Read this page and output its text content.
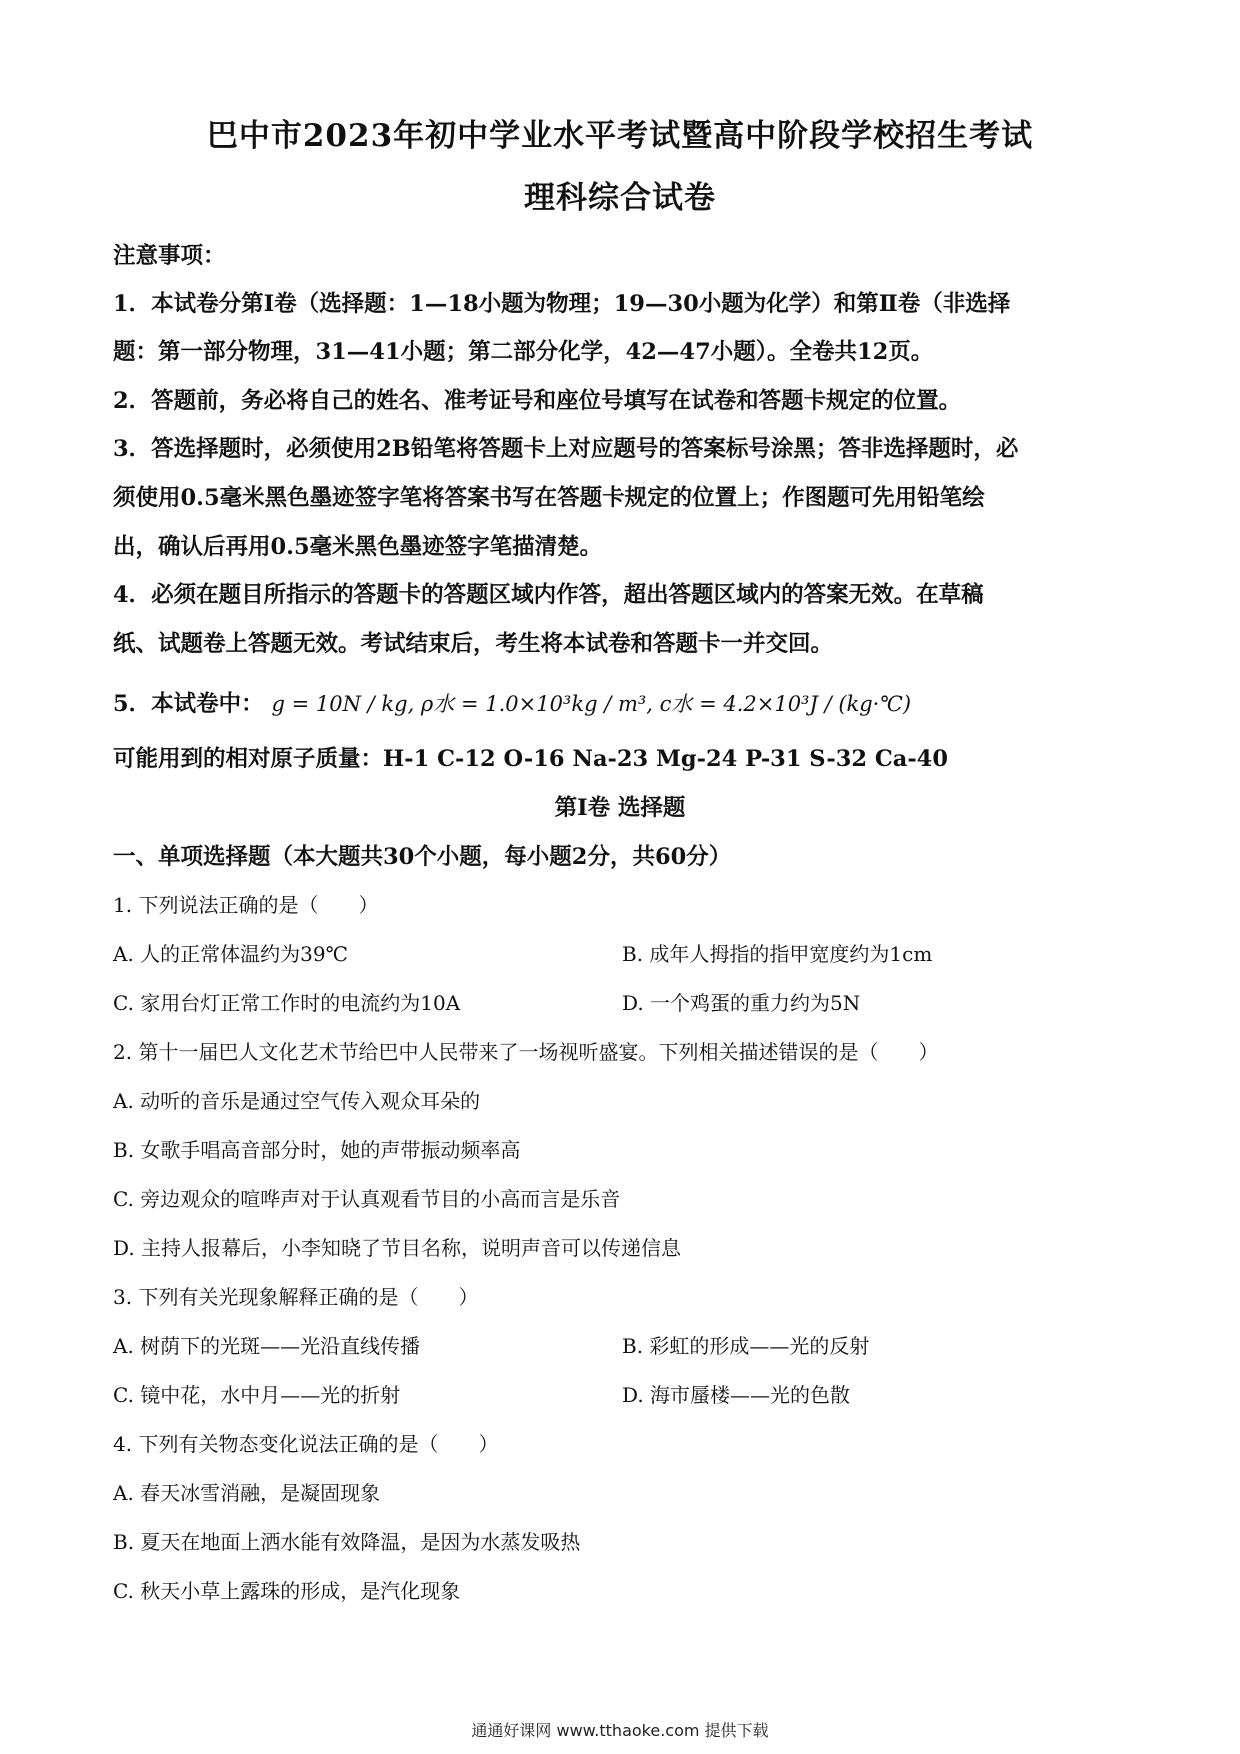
巴中市2023年初中学业水平考试暨高中阶段学校招生考试
理科综合试卷
注意事项：
1．本试卷分第Ⅰ卷（选择题：1—18小题为物理；19—30小题为化学）和第Ⅱ卷（非选择
题：第一部分物理，31—41小题；第二部分化学，42—47小题）。全卷共12页。
2．答题前，务必将自己的姓名、准考证号和座位号填写在试卷和答题卡规定的位置。
3．答选择题时，必须使用2B铅笔将答题卡上对应题号的答案标号涂黑；答非选择题时，必
须使用0.5毫米黑色墨迹签字笔将答案书写在答题卡规定的位置上；作图题可先用铅笔绘
出，确认后再用0.5毫米黑色墨迹签字笔描清楚。
4．必须在题目所指示的答题卡的答题区域内作答，超出答题区域内的答案无效。在草稿
纸、试题卷上答题无效。考试结束后，考生将本试卷和答题卡一并交回。
5．本试卷中： g = 10N / kg, ρ水 = 1.0×10³kg / m³, c水 = 4.2×10³J / (kg·℃)
可能用到的相对原子质量：H-1 C-12 O-16 Na-23 Mg-24 P-31 S-32 Ca-40
第Ⅰ卷 选择题
一、单项选择题（本大题共30个小题，每小题2分，共60分）
1. 下列说法正确的是（　　）
A. 人的正常体温约为39℃	B. 成年人拇指的指甲宽度约为1cm
C. 家用台灯正常工作时的电流约为10A	D. 一个鸡蛋的重力约为5N
2. 第十一届巴人文化艺术节给巴中人民带来了一场视听盛宴。下列相关描述错误的是（　　）
A. 动听的音乐是通过空气传入观众耳朵的
B. 女歌手唱高音部分时，她的声带振动频率高
C. 旁边观众的喧哗声对于认真观看节目的小高而言是乐音
D. 主持人报幕后，小李知晓了节目名称，说明声音可以传递信息
3. 下列有关光现象解释正确的是（　　）
A. 树荫下的光斑——光沿直线传播	B. 彩虹的形成——光的反射
C. 镜中花，水中月——光的折射	D. 海市蜃楼——光的色散
4. 下列有关物态变化说法正确的是（　　）
A. 春天冰雪消融，是凝固现象
B. 夏天在地面上洒水能有效降温，是因为水蒸发吸热
C. 秋天小草上露珠的形成，是汽化现象
通通好课网 www.tthaoke.com 提供下载
